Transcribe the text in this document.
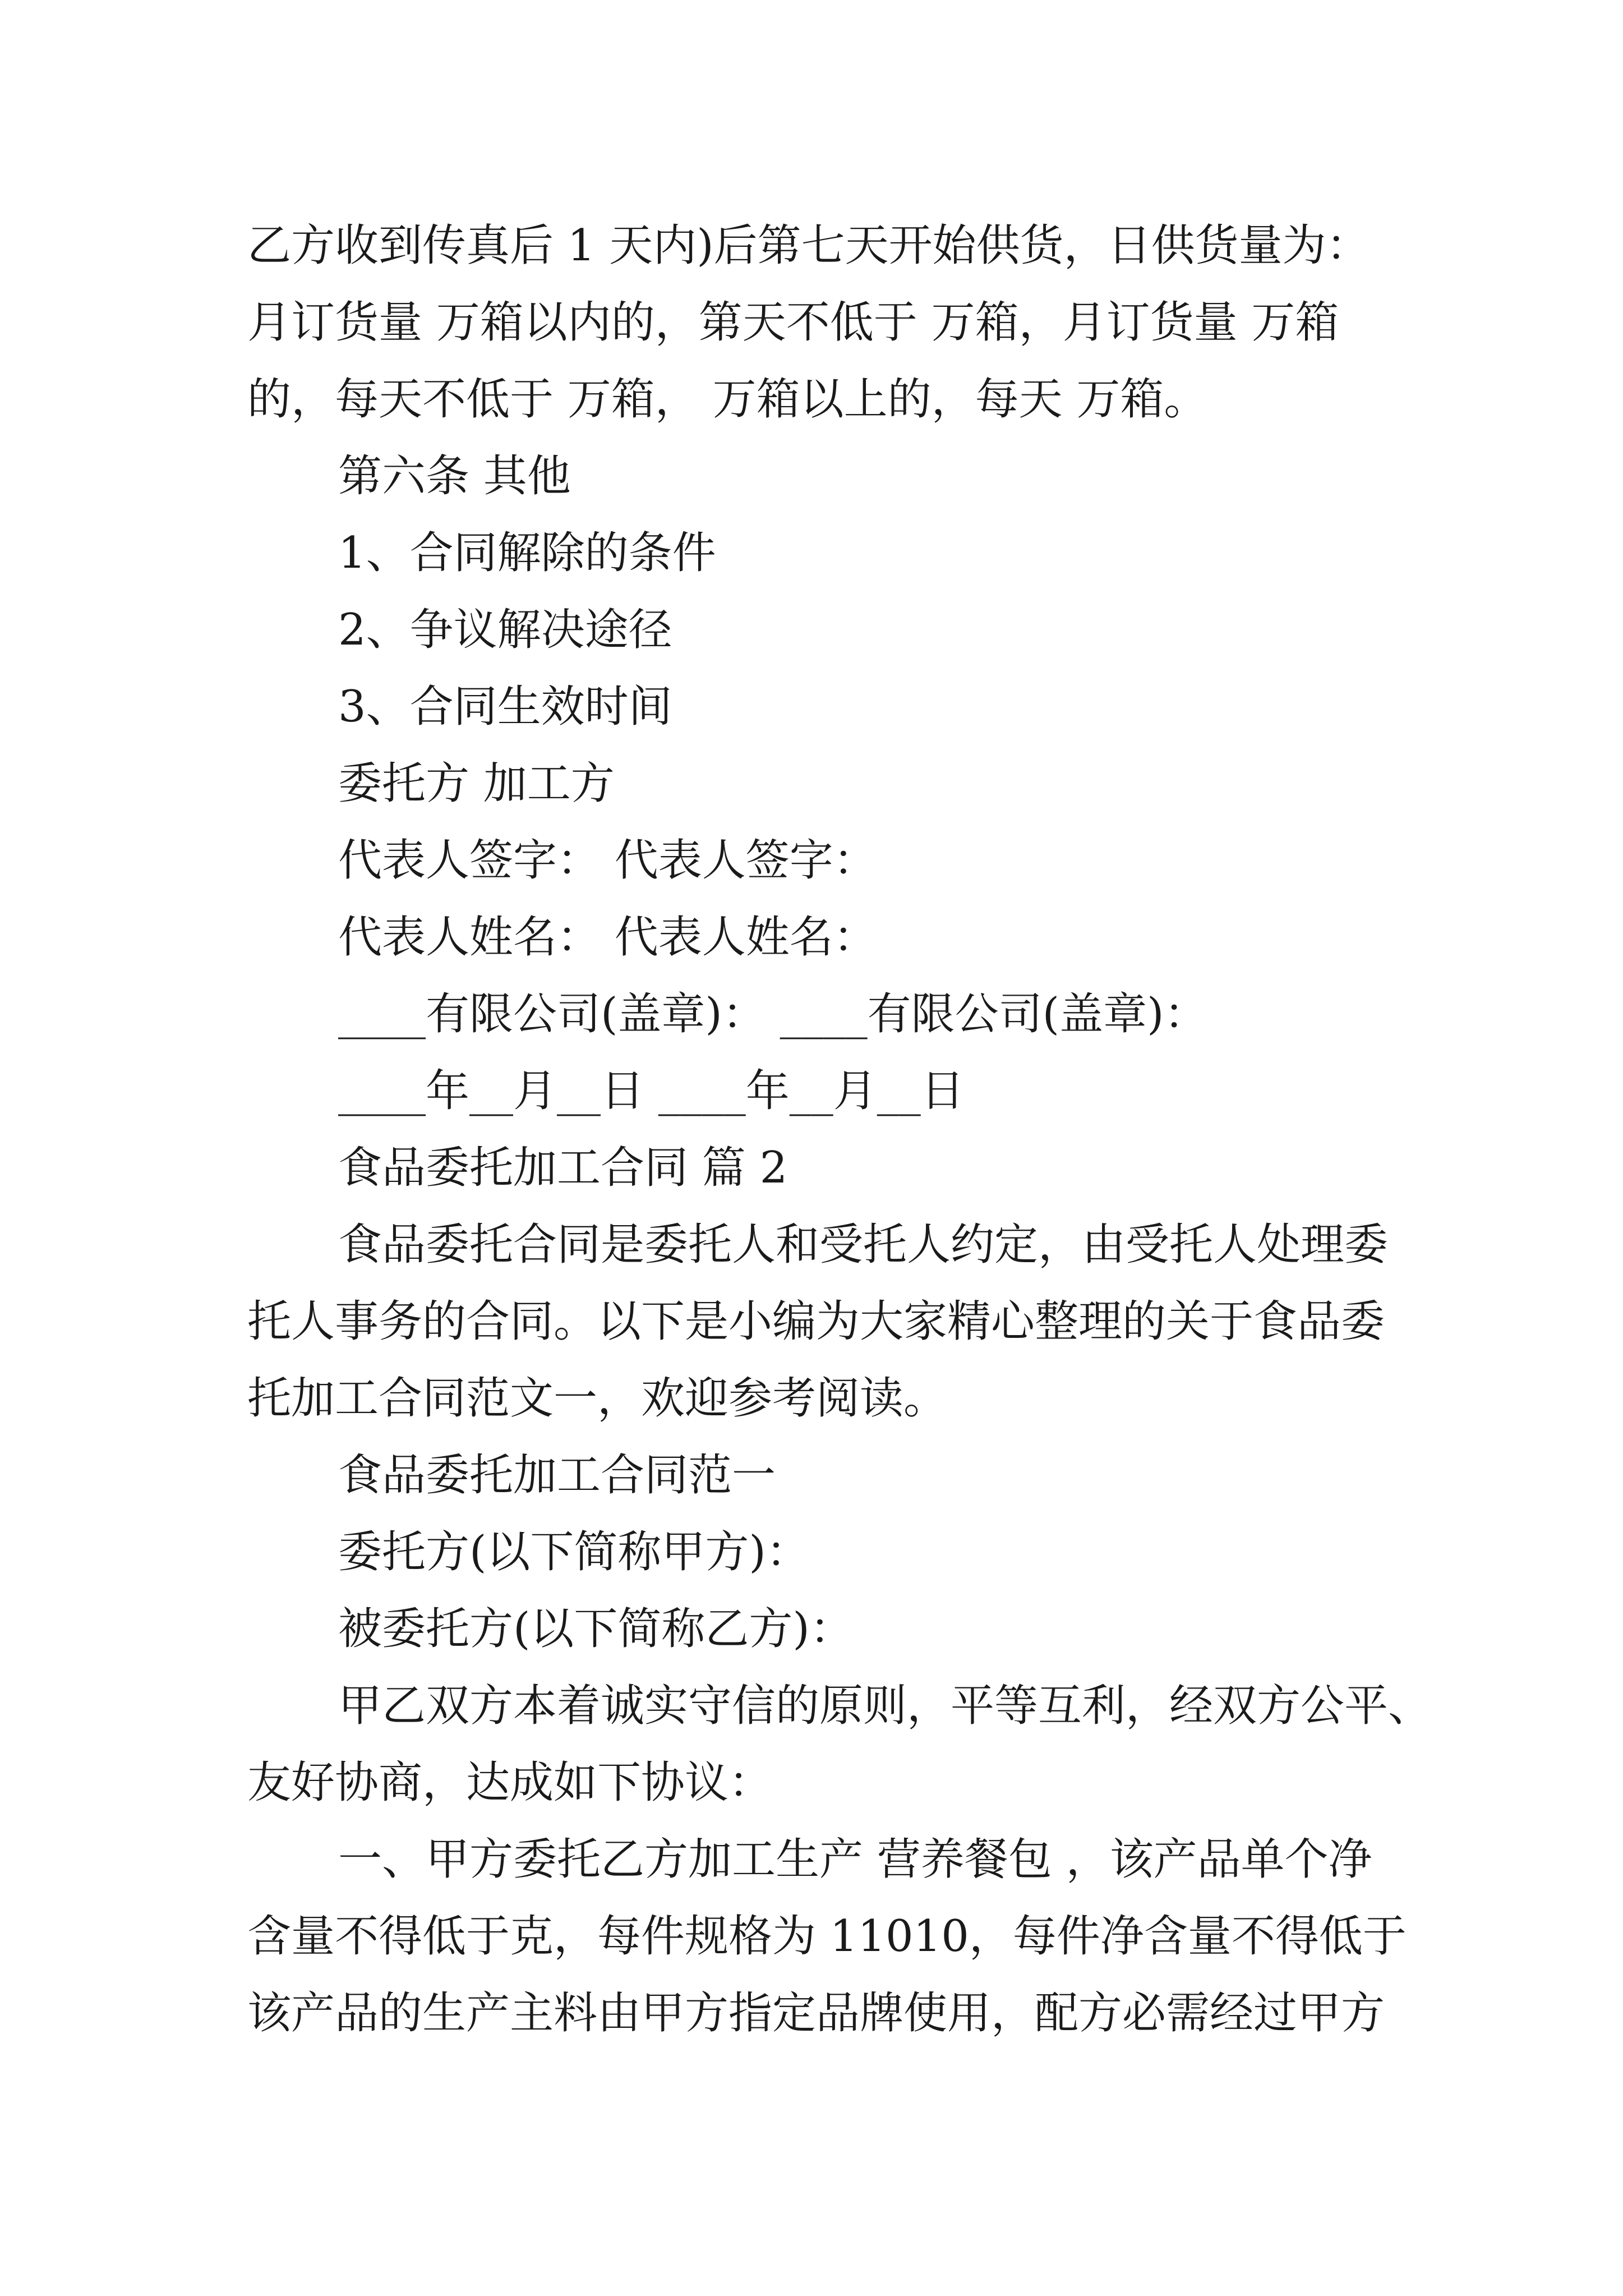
乙方收到传真后 1 天内)后第七天开始供货，日供货量为：
月订货量 万箱以内的，第天不低于 万箱，月订货量 万箱
的，每天不低于 万箱， 万箱以上的，每天 万箱。
第六条 其他
1、合同解除的条件
2、争议解决途径
3、合同生效时间
委托方 加工方
代表人签字： 代表人签字：
代表人姓名： 代表人姓名：
____有限公司(盖章)： ____有限公司(盖章)：
____年__月__日 ____年__月__日
食品委托加工合同 篇 2
食品委托合同是委托人和受托人约定，由受托人处理委
托人事务的合同。以下是小编为大家精心整理的关于食品委
托加工合同范文一，欢迎参考阅读。
食品委托加工合同范一
委托方(以下简称甲方)：
被委托方(以下简称乙方)：
甲乙双方本着诚实守信的原则，平等互利，经双方公平、
友好协商，达成如下协议：
一、甲方委托乙方加工生产 营养餐包 ，该产品单个净
含量不得低于克，每件规格为 11010，每件净含量不得低于
该产品的生产主料由甲方指定品牌使用，配方必需经过甲方
